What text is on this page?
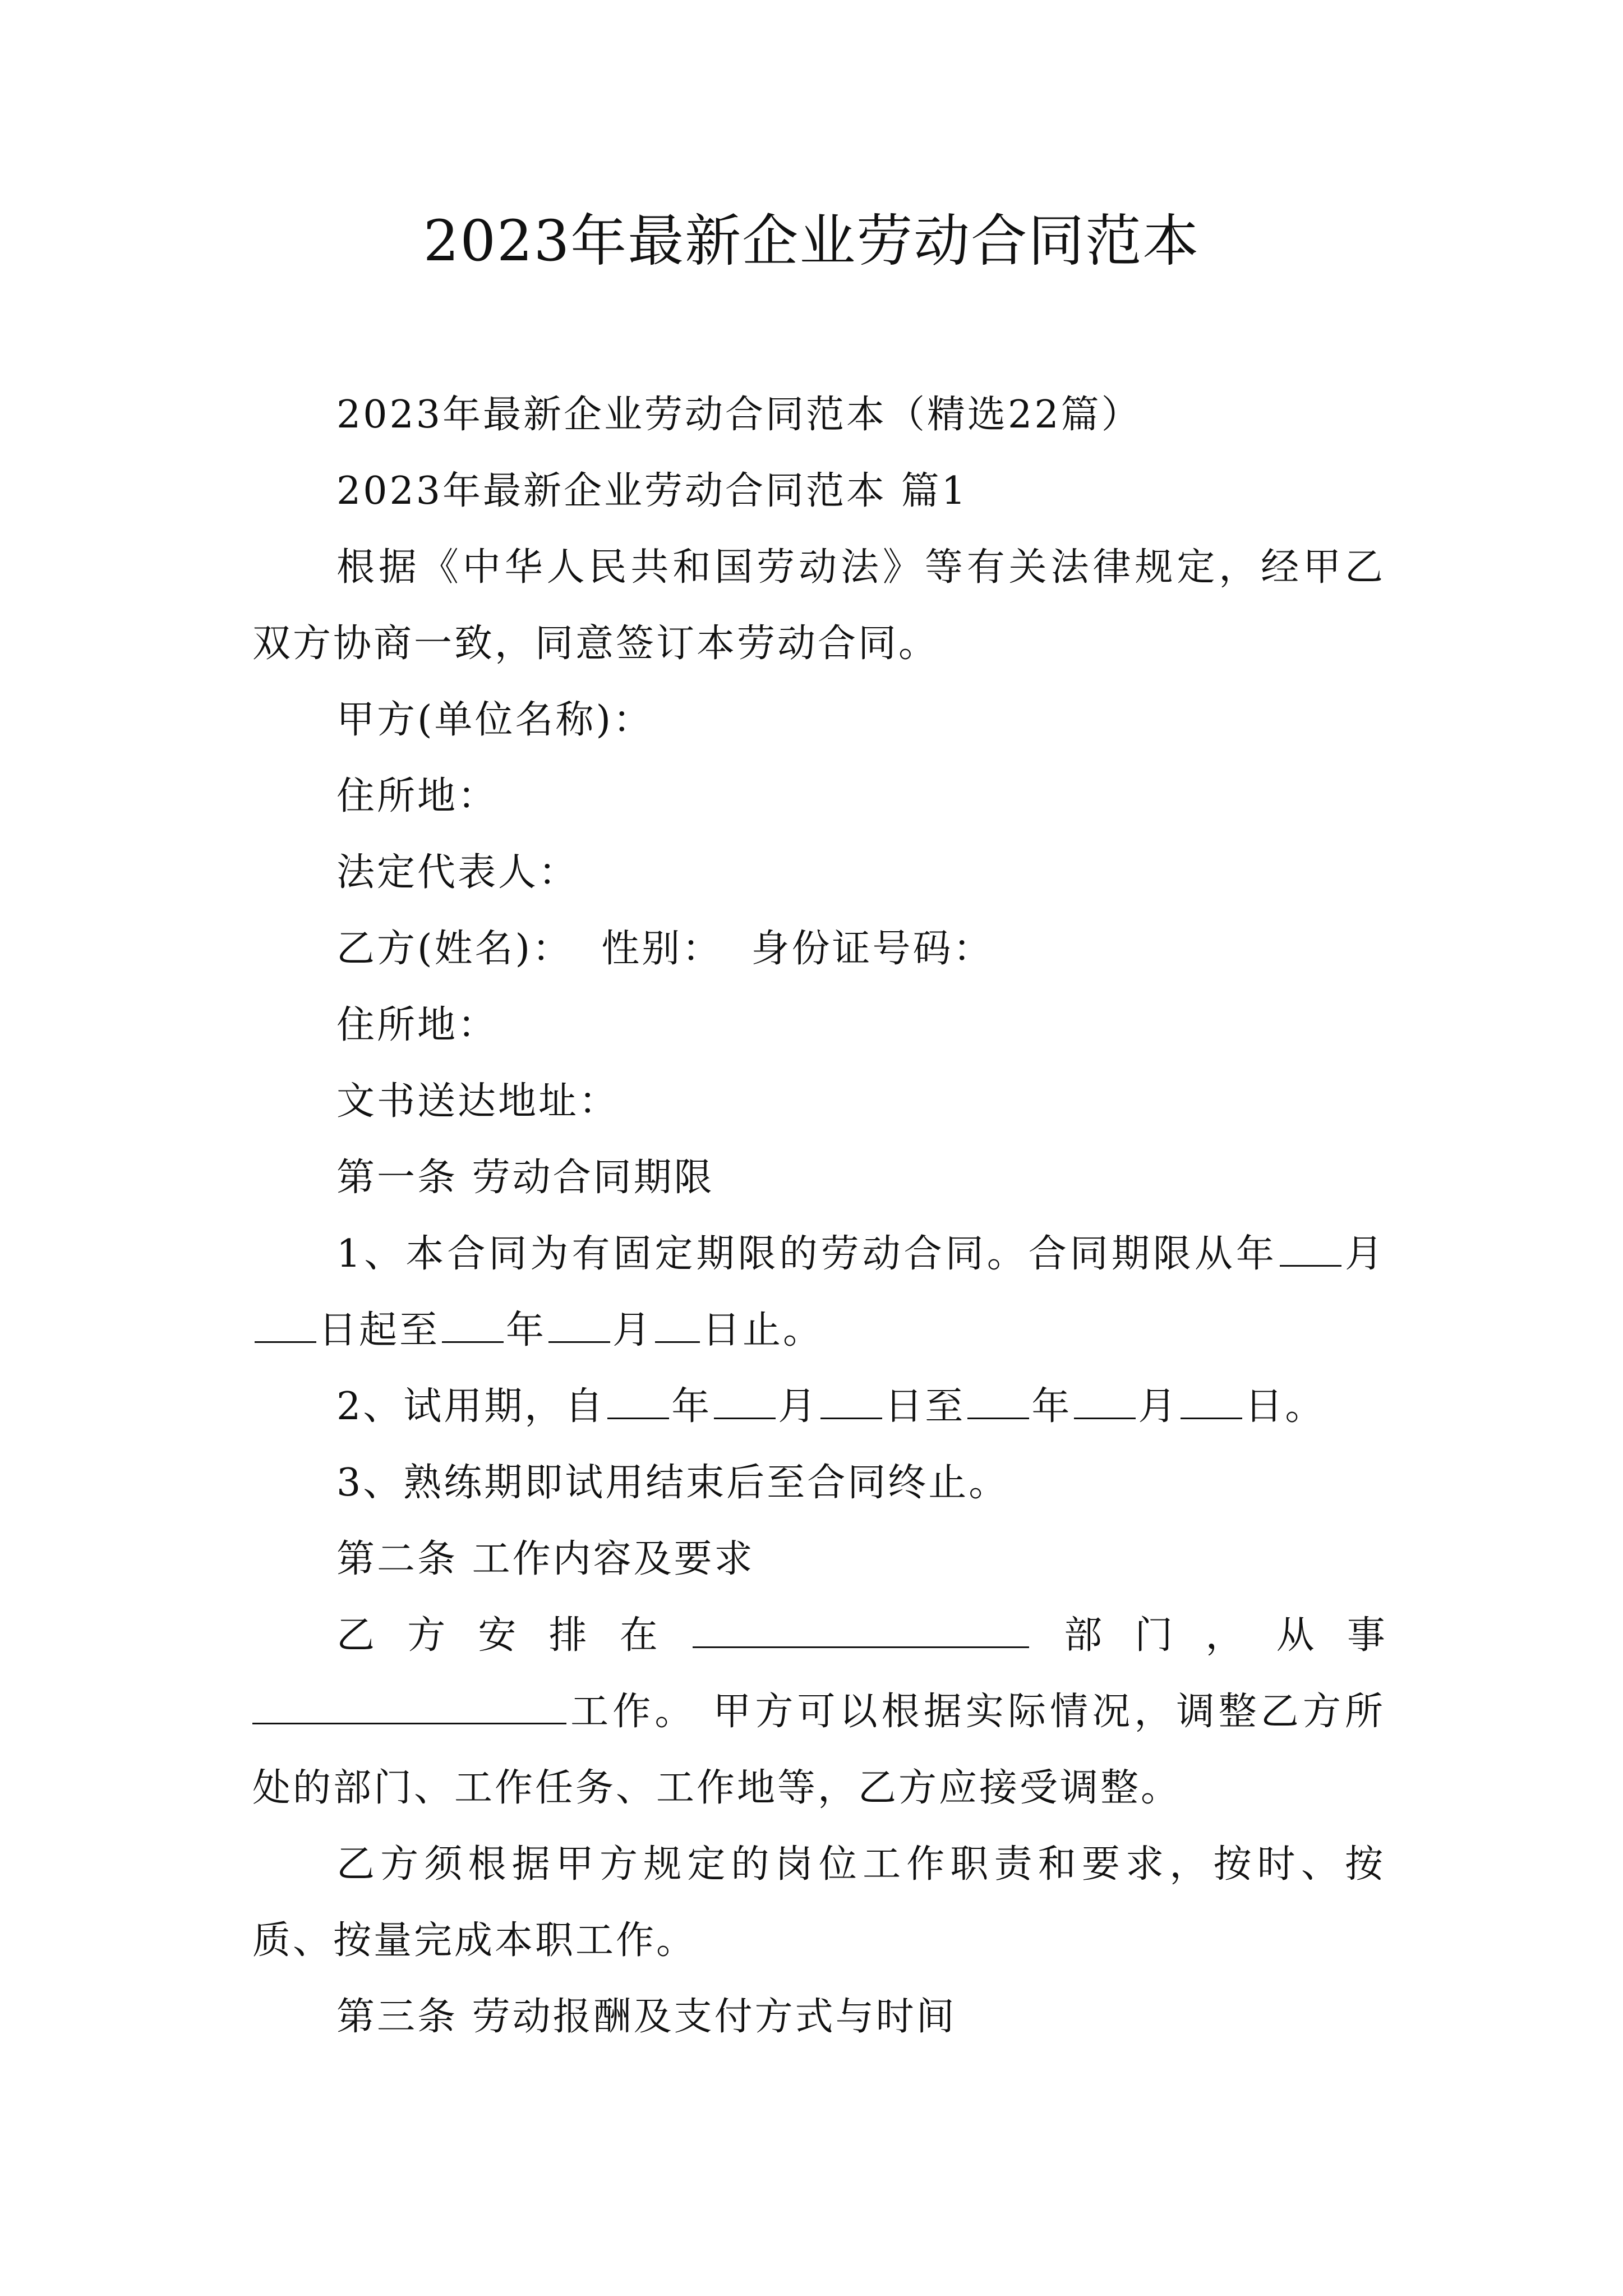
2023年最新企业劳动合同范本

2023年最新企业劳动合同范本（精选22篇）

2023年最新企业劳动合同范本 篇1

根据《中华人民共和国劳动法》等有关法律规定，经甲乙双方协商一致，同意签订本劳动合同。

甲方(单位名称)：

住所地：

法定代表人：

乙方(姓名)：  性别：  身份证号码：

住所地：

文书送达地址：

第一条 劳动合同期限

1、本合同为有固定期限的劳动合同。合同期限从年 月日起至 年 月 日止。

2、试用期，自 年 月 日至 年 月 日。

3、熟练期即试用结束后至合同终止。

第二条 工作内容及要求

乙 方 安 排 在	部 门 ， 从 事

工作。 甲方可以根据实际情况，调整乙方所处的部门、工作任务、工作地等，乙方应接受调整。

乙方须根据甲方规定的岗位工作职责和要求，按时、按质、按量完成本职工作。

第三条 劳动报酬及支付方式与时间
